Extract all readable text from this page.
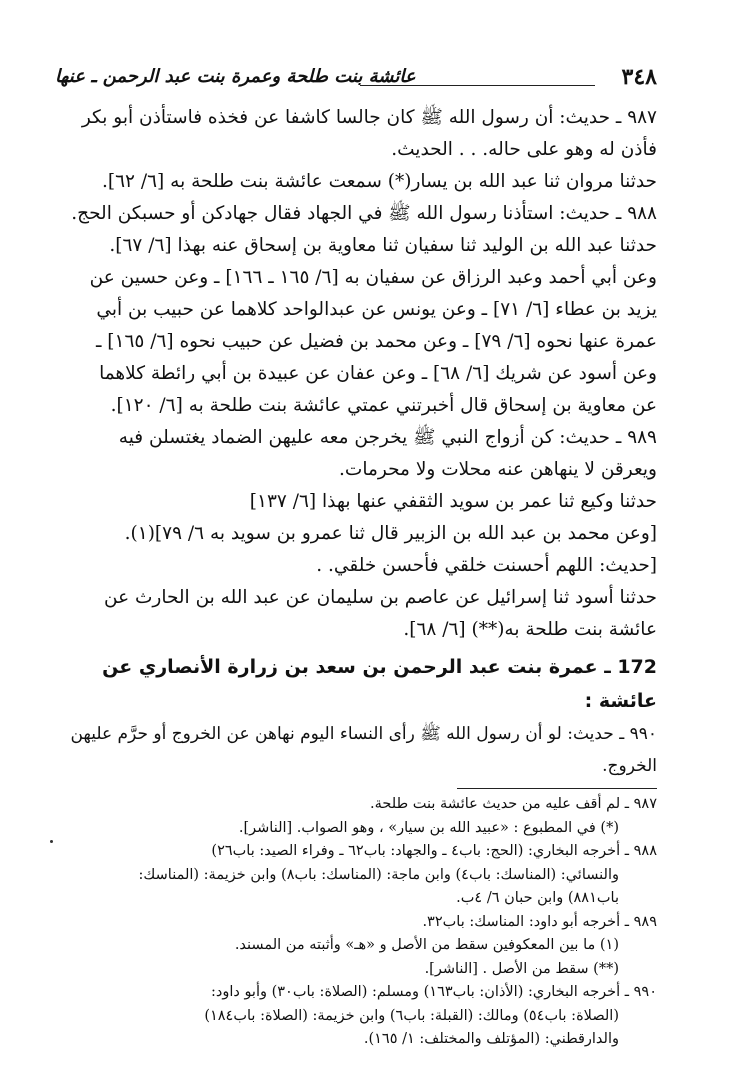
٣٤٨
عائشة بنت طلحة وعمرة بنت عبد الرحمن ـ عنها

٩٨٧ ـ حديث: أن رسول الله ﷺ كان جالسا كاشفا عن فخذه فاستأذن أبو بكر

فأذن له وهو على حاله. . . الحديث.

حدثنا مروان ثنا عبد الله بن يسار(*) سمعت عائشة بنت طلحة به [٦/ ٦٢].

٩٨٨ ـ حديث: استأذنا رسول الله ﷺ في الجهاد فقال جهادكن أو حسبكن الحج.

حدثنا عبد الله بن الوليد ثنا سفيان ثنا معاوية بن إسحاق عنه بهذا [٦/ ٦٧].

وعن أبي أحمد وعبد الرزاق عن سفيان به [٦/ ١٦٥ ـ ١٦٦] ـ وعن حسين عن

يزيد بن عطاء [٦/ ٧١] ـ وعن يونس عن عبدالواحد كلاهما عن حبيب بن أبي

عمرة عنها نحوه [٦/ ٧٩] ـ وعن محمد بن فضيل عن حبيب نحوه [٦/ ١٦٥] ـ

وعن أسود عن شريك [٦/ ٦٨] ـ وعن عفان عن عبيدة بن أبي رائطة كلاهما

عن معاوية بن إسحاق قال أخبرتني عمتي عائشة بنت طلحة به [٦/ ١٢٠].

٩٨٩ ـ حديث: كن أزواج النبي ﷺ يخرجن معه عليهن الضماد يغتسلن فيه

ويعرقن لا ينهاهن عنه محلات ولا محرمات.

حدثنا وكيع ثنا عمر بن سويد الثقفي عنها بهذا [٦/ ١٣٧]

[وعن محمد بن عبد الله بن الزبير قال ثنا عمرو بن سويد به ٦/ ٧٩](١).

[حديث: اللهم أحسنت خلقي فأحسن خلقي. .

حدثنا أسود ثنا إسرائيل عن عاصم بن سليمان عن عبد الله بن الحارث عن

عائشة بنت طلحة به(**) [٦/ ٦٨].

172 ـ عمرة بنت عبد الرحمن بن سعد بن زرارة الأنصاري عن عائشة :

٩٩٠ ـ حديث: لو أن رسول الله ﷺ رأى النساء اليوم نهاهن عن الخروج أو حرَّم عليهن الخروج.

٩٨٧ ـ لم أقف عليه من حديث عائشة بنت طلحة.

(*) في المطبوع : «عبيد الله بن سيار» ، وهو الصواب. [الناشر].

٩٨٨ ـ أخرجه البخاري: (الحج: باب٤ ـ والجهاد: باب٦٢ ـ وفراء الصيد: باب٢٦)

والنسائي: (المناسك: باب٤) وابن ماجة: (المناسك: باب٨) وابن خزيمة: (المناسك:

باب٨٨١) وابن حبان ٦/ ٤ب.

٩٨٩ ـ أخرجه أبو داود: المناسك: باب٣٢.

(١) ما بين المعكوفين سقط من الأصل و «هـ» وأثبته من المسند.

(**) سقط من الأصل . [الناشر].

٩٩٠ ـ أخرجه البخاري: (الأذان: باب١٦٣) ومسلم: (الصلاة: باب٣٠) وأبو داود:

(الصلاة: باب٥٤) ومالك: (القبلة: باب٦) وابن خزيمة: (الصلاة: باب١٨٤)

والدارقطني: (المؤتلف والمختلف: ١/ ١٦٥).
